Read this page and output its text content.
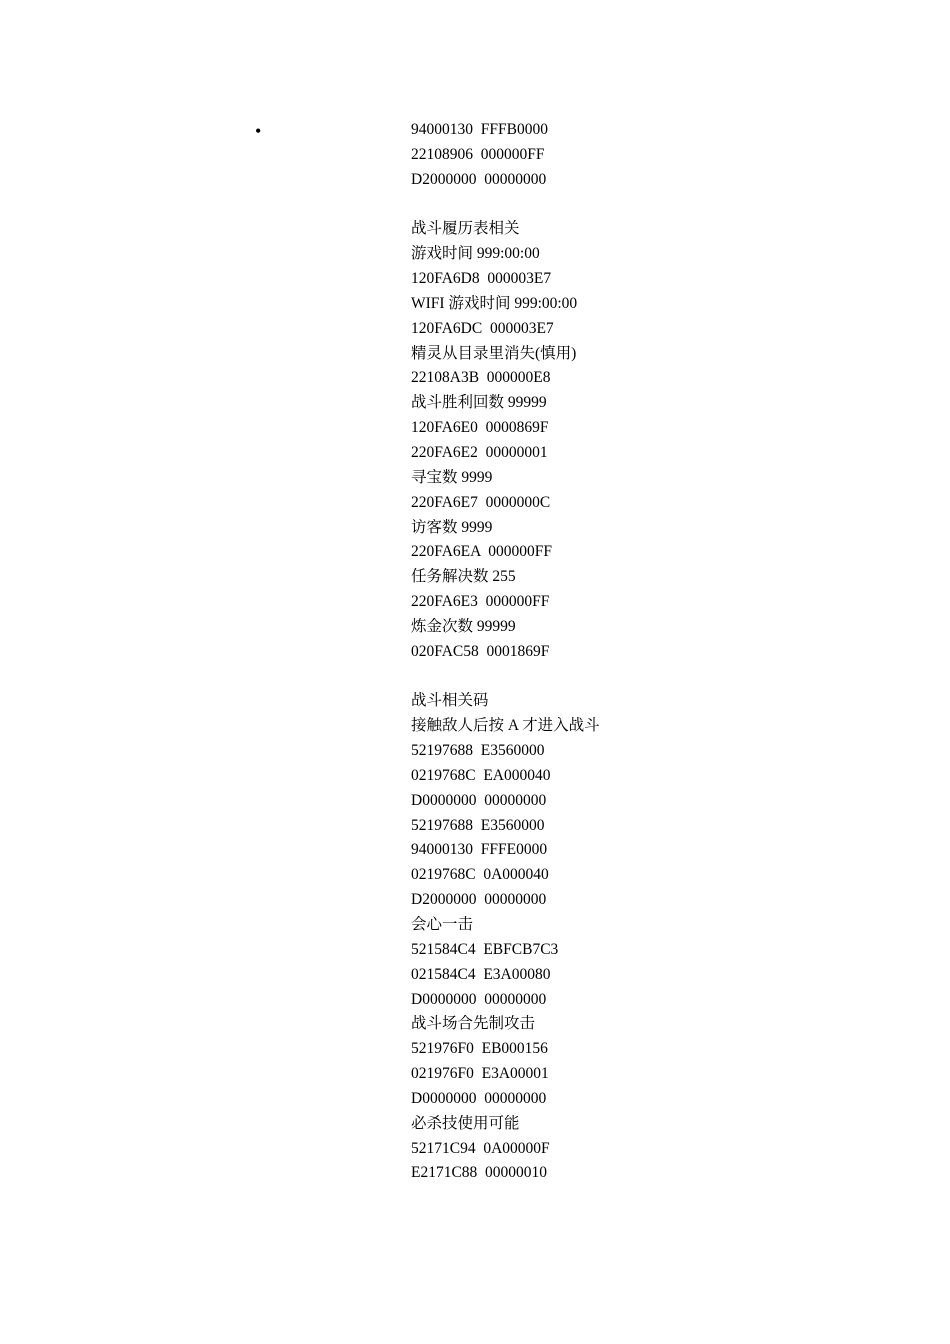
•	94000130  FFFB0000
22108906  000000FF
D2000000  00000000
战斗履历表相关
游戏时间 999:00:00
120FA6D8  000003E7
WIFI 游戏时间 999:00:00
120FA6DC  000003E7
精灵从目录里消失(慎用)
22108A3B  000000E8
战斗胜利回数 99999
120FA6E0  0000869F
220FA6E2  00000001
寻宝数 9999
220FA6E7  0000000C
访客数 9999
220FA6EA  000000FF
任务解决数 255
220FA6E3  000000FF
炼金次数 99999
020FAC58  0001869F
战斗相关码
接触敌人后按 A 才进入战斗
52197688  E3560000
0219768C  EA000040
D0000000  00000000
52197688  E3560000
94000130  FFFE0000
0219768C  0A000040
D2000000  00000000
会心一击
521584C4  EBFCB7C3
021584C4  E3A00080
D0000000  00000000
战斗场合先制攻击
521976F0  EB000156
021976F0  E3A00001
D0000000  00000000
必杀技使用可能
52171C94  0A00000F
E2171C88  00000010
